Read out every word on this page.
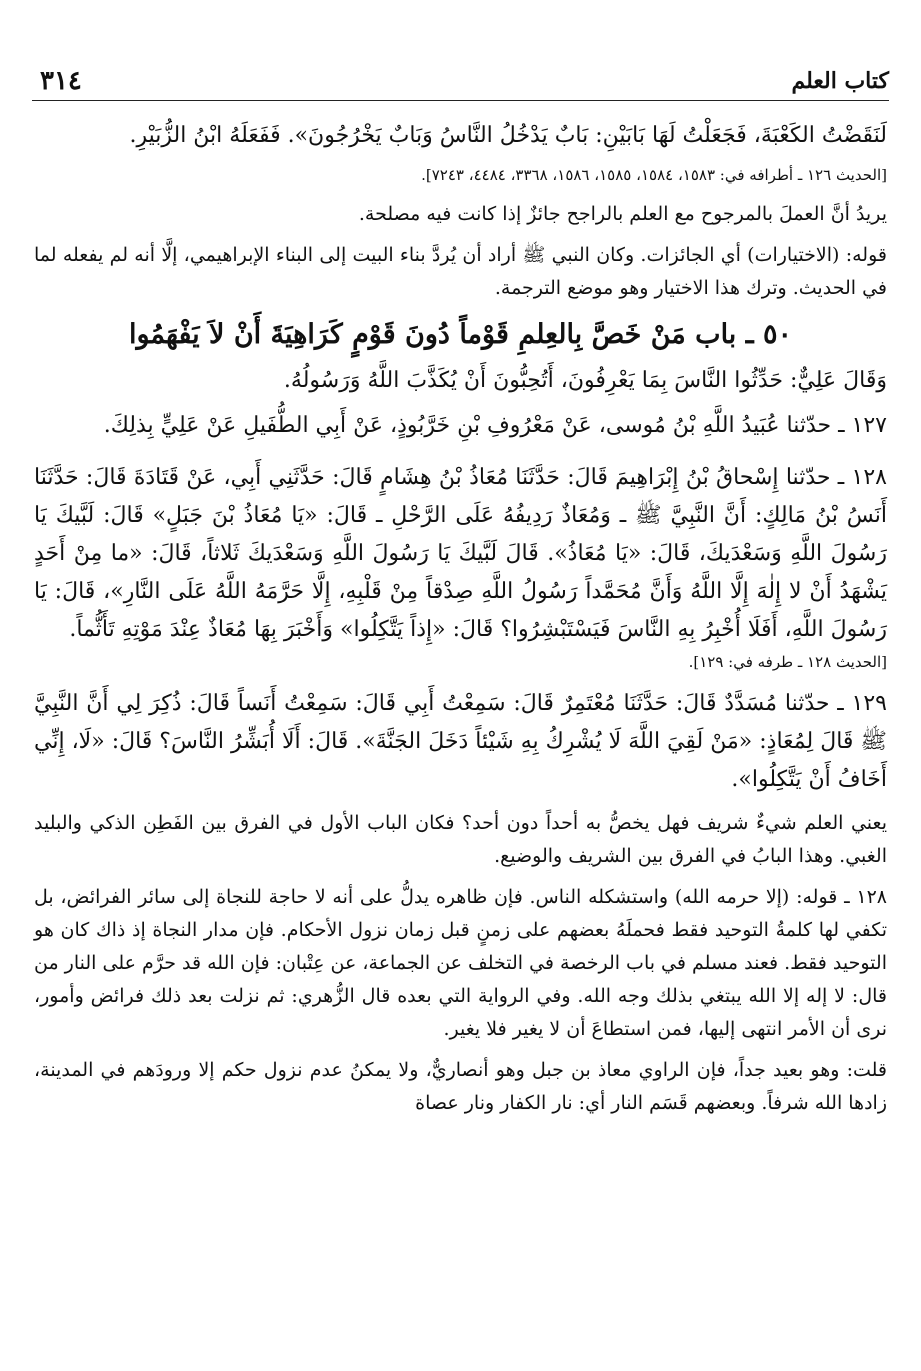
كتاب العلم
٣١٤

لَنَقَضْتُ الكَعْبَةَ، فَجَعَلْتُ لَهَا بَابَيْنِ: بَابٌ يَدْخُلُ النَّاسُ وَبَابٌ يَخْرُجُونَ». فَفَعَلَهُ ابْنُ الزُّبَيْرِ.

[الحديث ١٢٦ ـ أطرافه في: ١٥٨٣، ١٥٨٤، ١٥٨٥، ١٥٨٦، ٣٣٦٨، ٤٤٨٤، ٧٢٤٣].

يريدُ أنَّ العملَ بالمرجوح مع العلم بالراجح جائزٌ إذا كانت فيه مصلحة.

قوله: (الاختيارات) أي الجائزات. وكان النبي ﷺ أراد أن يُردَّ بناء البيت إلى البناء الإبراهيمي، إلَّا أنه لم يفعله لما في الحديث. وترك هذا الاختيار وهو موضع الترجمة.

٥٠ ـ باب مَنْ خَصَّ بِالعِلمِ قَوْماً دُونَ قَوْمٍ كَرَاهِيَةَ أَنْ لاَ يَفْهَمُوا

وَقَالَ عَلِيٌّ: حَدِّثُوا النَّاسَ بِمَا يَعْرِفُونَ، أَتُحِبُّونَ أَنْ يُكَذَّبَ اللَّهُ وَرَسُولُهُ.

١٢٧ ـ حدّثنا عُبَيدُ اللَّهِ بْنُ مُوسى، عَنْ مَعْرُوفِ بْنِ خَرَّبُوذٍ، عَنْ أَبِي الطُّفَيلِ عَنْ عَلِيٍّ بِذلِكَ.

١٢٨ ـ حدّثنا إِسْحاقُ بْنُ إِبْرَاهِيمَ قَالَ: حَدَّثَنَا مُعَاذُ بْنُ هِشَامٍ قَالَ: حَدَّثَنِي أَبِي، عَنْ قَتَادَةَ قَالَ: حَدَّثَنَا أَنَسُ بْنُ مَالِكٍ: أَنَّ النَّبِيَّ ﷺ ـ وَمُعَاذٌ رَدِيفُهُ عَلَى الرَّحْلِ ـ قَالَ: «يَا مُعَاذُ بْنَ جَبَلٍ» قَالَ: لَبَّيكَ يَا رَسُولَ اللَّهِ وَسَعْدَيكَ، قَالَ: «يَا مُعَاذُ». قَالَ لَبَّيكَ يَا رَسُولَ اللَّهِ وَسَعْدَيكَ ثَلاثاً، قَالَ: «ما مِنْ أَحَدٍ يَشْهَدُ أَنْ لا إِلٰهَ إِلَّا اللَّهُ وَأَنَّ مُحَمَّداً رَسُولُ اللَّهِ صِدْقاً مِنْ قَلْبِهِ، إِلَّا حَرَّمَهُ اللَّهُ عَلَى النَّارِ»، قَالَ: يَا رَسُولَ اللَّهِ، أَفَلَا أُخْبِرُ بِهِ النَّاسَ فَيَسْتَبْشِرُوا؟ قَالَ: «إِذاً يَتَّكِلُوا» وَأَخْبَرَ بِهَا مُعَاذٌ عِنْدَ مَوْتِهِ تَأَثُّماً.

[الحديث ١٢٨ ـ طرفه في: ١٢٩].

١٢٩ ـ حدّثنا مُسَدَّدٌ قَالَ: حَدَّثَنَا مُعْتَمِرٌ قَالَ: سَمِعْتُ أَبِي قَالَ: سَمِعْتُ أَنَساً قَالَ: ذُكِرَ لِي أَنَّ النَّبِيَّ ﷺ قَالَ لِمُعَاذٍ: «مَنْ لَقِيَ اللَّهَ لَا يُشْرِكُ بِهِ شَيْئاً دَخَلَ الجَنَّةَ». قَالَ: أَلَا أُبَشِّرُ النَّاسَ؟ قَالَ: «لَا، إِنِّي أَخَافُ أَنْ يَتَّكِلُوا».

يعني العلم شيءٌ شريف فهل يخصُّ به أحداً دون أحد؟ فكان الباب الأول في الفرق بين الفَطِن الذكي والبليد الغبي. وهذا البابُ في الفرق بين الشريف والوضيع.

١٢٨ ـ قوله: (إلا حرمه الله) واستشكله الناس. فإن ظاهره يدلُّ على أنه لا حاجة للنجاة إلى سائر الفرائض، بل تكفي لها كلمةُ التوحيد فقط فحملَهُ بعضهم على زمنٍ قبل زمان نزول الأحكام. فإن مدار النجاة إذ ذاك كان هو التوحيد فقط. فعند مسلم في باب الرخصة في التخلف عن الجماعة، عن عِتْبان: فإن الله قد حرَّم على النار من قال: لا إله إلا الله يبتغي بذلك وجه الله. وفي الرواية التي بعده قال الزُّهري: ثم نزلت بعد ذلك فرائض وأمور، نرى أن الأمر انتهى إليها، فمن استطاعَ أن لا يغير فلا يغير.

قلت: وهو بعيد جداً، فإن الراوي معاذ بن جبل وهو أنصاريٌّ، ولا يمكنُ عدم نزول حكم إلا ورودَهم في المدينة، زادها الله شرفاً. وبعضهم قَسَم النار أي: نار الكفار ونار عصاة
